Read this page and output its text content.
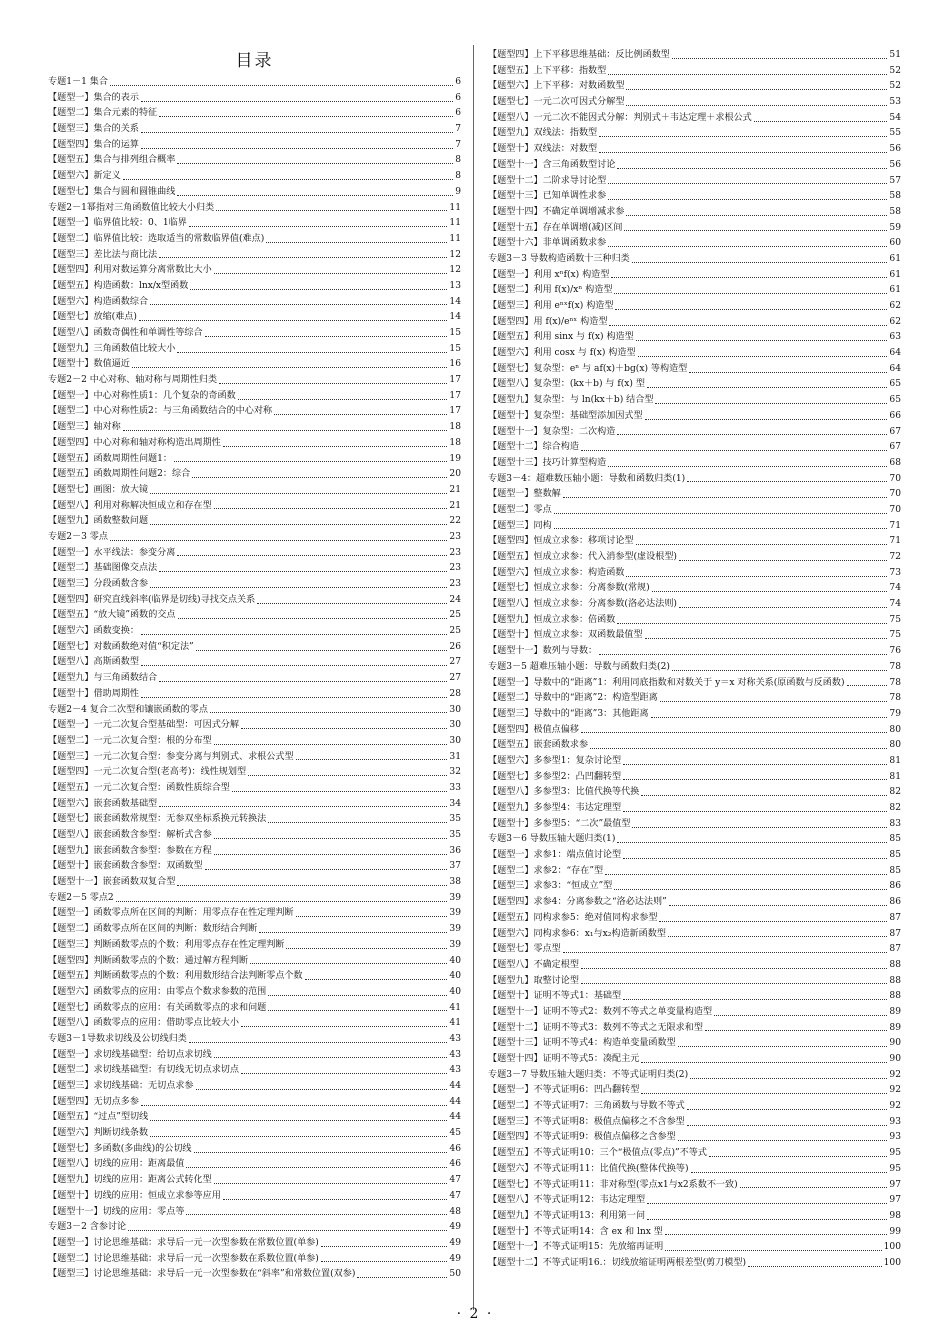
目录
专题1－1 集合	6
【题型一】集合的表示	6
【题型二】集合元素的特征	6
【题型三】集合的关系	7
【题型四】集合的运算	7
【题型五】集合与排列组合概率	8
【题型六】新定义	8
【题型七】集合与圆和圆锥曲线	9
专题2－1幂指对三角函数值比较大小归类	11
【题型一】临界值比较：0、1临界	11
【题型二】临界值比较：选取适当的常数临界值(难点)	11
【题型三】差比法与商比法	12
【题型四】利用对数运算分离常数比大小	12
【题型五】构造函数：lnx/x型函数	13
【题型六】构造函数综合	14
【题型七】放缩(难点)	14
【题型八】函数奇偶性和单调性等综合	15
【题型九】三角函数值比较大小	15
【题型十】数值逼近	16
专题2－2 中心对称、轴对称与周期性归类	17
【题型一】中心对称性质1：几个复杂的奇函数	17
【题型二】中心对称性质2：与三角函数结合的中心对称	17
【题型三】轴对称	18
【题型四】中心对称和轴对称构造出周期性	18
【题型五】函数周期性问题1：	19
【题型五】函数周期性问题2：综合	20
【题型七】画图：放大镜	21
【题型八】利用对称解决恒成立和存在型	21
【题型九】函数整数问题	22
专题2－3 零点	23
【题型一】水平线法：参变分离	23
【题型二】基础图像交点法	23
【题型三】分段函数含参	23
【题型四】研究直线斜率(临界是切线)寻找交点关系	24
【题型五】“放大镜”函数的交点	25
【题型六】函数变换：	25
【题型七】对数函数绝对值“积定法”	26
【题型八】高斯函数型	27
【题型九】与三角函数结合	27
【题型十】借助周期性	28
专题2－4 复合二次型和镶嵌函数的零点	30
【题型一】一元二次复合型基础型：可因式分解	30
【题型二】一元二次复合型：根的分布型	30
【题型三】一元二次复合型：参变分离与判别式、求根公式型	31
【题型四】一元二次复合型(老高考)：线性规划型	32
【题型五】一元二次复合型：函数性质综合型	33
【题型六】嵌套函数基础型	34
【题型七】嵌套函数常规型：无参双坐标系换元转换法	35
【题型八】嵌套函数含参型：解析式含参	35
【题型九】嵌套函数含参型：参数在方程	36
【题型十】嵌套函数含参型：双函数型	37
【题型十一】嵌套函数双复合型	38
专题2－5 零点2	39
【题型一】函数零点所在区间的判断：用零点存在性定理判断	39
【题型二】函数零点所在区间的判断：数形结合判断	39
【题型三】判断函数零点的个数：利用零点存在性定理判断	39
【题型四】判断函数零点的个数：通过解方程判断	40
【题型五】判断函数零点的个数：利用数形结合法判断零点个数	40
【题型六】函数零点的应用：由零点个数求参数的范围	40
【题型七】函数零点的应用：有关函数零点的求和问题	41
【题型八】函数零点的应用：借助零点比较大小	41
专题3－1导数求切线及公切线归类	43
【题型一】求切线基础型：给切点求切线	43
【题型二】求切线基础型：有切线无切点求切点	43
【题型三】求切线基础：无切点求参	44
【题型四】无切点多参	44
【题型五】“过点”型切线	44
【题型六】判断切线条数	45
【题型七】多函数(多曲线)的公切线	46
【题型八】切线的应用：距离最值	46
【题型九】切线的应用：距离公式转化型	47
【题型十】切线的应用：恒成立求参等应用	47
【题型十一】切线的应用：零点等	48
专题3－2 含参讨论	49
【题型一】讨论思维基础：求导后一元一次型参数在常数位置(单参)	49
【题型二】讨论思维基础：求导后一元一次型参数在系数位置(单参)	49
【题型三】讨论思维基础：求导后一元一次型参数在“斜率”和常数位置(双参)	50
【题型四】上下平移思维基础：反比例函数型	51
【题型五】上下平移：指数型	52
【题型六】上下平移：对数函数型	52
【题型七】一元二次可因式分解型	53
【题型八】一元二次不能因式分解：判别式＋韦达定理＋求根公式	54
【题型九】双线法：指数型	55
【题型十】双线法：对数型	56
【题型十一】含三角函数型讨论	56
【题型十二】二阶求导讨论型	57
【题型十三】已知单调性求参	58
【题型十四】不确定单调增减求参	58
【题型十五】存在单调增(减)区间	59
【题型十六】非单调函数求参	60
专题3－3 导数构造函数十三种归类	61
【题型一】利用 xⁿf(x) 构造型	61
【题型二】利用 f(x)/xⁿ 构造型	61
【题型三】利用 eⁿˣf(x) 构造型	62
【题型四】用 f(x)/eⁿˣ 构造型	62
【题型五】利用 sinx 与 f(x) 构造型	63
【题型六】利用 cosx 与 f(x) 构造型	64
【题型七】复杂型：eⁿ 与 af(x)＋bg(x) 等构造型	64
【题型八】复杂型：(kx＋b) 与 f(x) 型	65
【题型九】复杂型：与 ln(kx＋b) 结合型	65
【题型十】复杂型：基础型添加因式型	66
【题型十一】复杂型：二次构造	67
【题型十二】综合构造	67
【题型十三】技巧计算型构造	68
专题3－4：超难数压轴小题：导数和函数归类(1)	70
【题型一】整数解	70
【题型二】零点	70
【题型三】同构	71
【题型四】恒成立求参：移项讨论型	71
【题型五】恒成立求参：代入消参型(虚设根型)	72
【题型六】恒成立求参：构造函数	73
【题型七】恒成立求参：分离参数(常规)	74
【题型八】恒成立求参：分离参数(洛必达法则)	74
【题型九】恒成立求参：倍函数	75
【题型十】恒成立求参：双函数最值型	75
【题型十一】数列与导数：	76
专题3－5 超难压轴小题：导数与函数归类(2)	78
【题型一】导数中的“距离”1：利用同底指数和对数关于 y＝x 对称关系(原函数与反函数)	78
【题型二】导数中的“距离”2：构造型距离	78
【题型三】导数中的“距离”3：其他距离	79
【题型四】极值点偏移	80
【题型五】嵌套函数求参	80
【题型六】多参型1：复杂讨论型	81
【题型七】多参型2：凸凹翻转型	81
【题型八】多参型3：比值代换等代换	82
【题型九】多参型4：韦达定理型	82
【题型十】多参型5：“二次”最值型	83
专题3－6 导数压轴大题归类(1)	85
【题型一】求参1：端点值讨论型	85
【题型二】求参2：“存在”型	85
【题型三】求参3：“恒成立”型	86
【题型四】求参4：分离参数之“洛必达法则”	86
【题型五】同构求参5：绝对值同构求参型	87
【题型六】同构求参6：x₁与x₂构造新函数型	87
【题型七】零点型	87
【题型八】不确定根型	88
【题型九】取整讨论型	88
【题型十】证明不等式1：基础型	88
【题型十一】证明不等式2：数列不等式之单变量构造型	89
【题型十二】证明不等式3：数列不等式之无限求和型	89
【题型十三】证明不等式4：构造单变量函数型	90
【题型十四】证明不等式5：凑配主元	90
专题3－7 导数压轴大题归类：不等式证明归类(2)	92
【题型一】不等式证明6：凹凸翻转型	92
【题型二】不等式证明7：三角函数与导数不等式	92
【题型三】不等式证明8：极值点偏移之不含参型	93
【题型四】不等式证明9：极值点偏移之含参型	93
【题型五】不等式证明10：三个“极值点(零点)”不等式	95
【题型六】不等式证明11：比值代换(整体代换等)	95
【题型七】不等式证明11：非对称型(零点x1与x2系数不一致)	97
【题型八】不等式证明12：韦达定理型	97
【题型九】不等式证明13：利用第一问	98
【题型十】不等式证明14：含 ex 和 lnx 型	99
【题型十一】不等式证明15：先放缩再证明	100
【题型十二】不等式证明16.：切线放缩证明两根差型(剪刀模型)	100
· 2 ·
